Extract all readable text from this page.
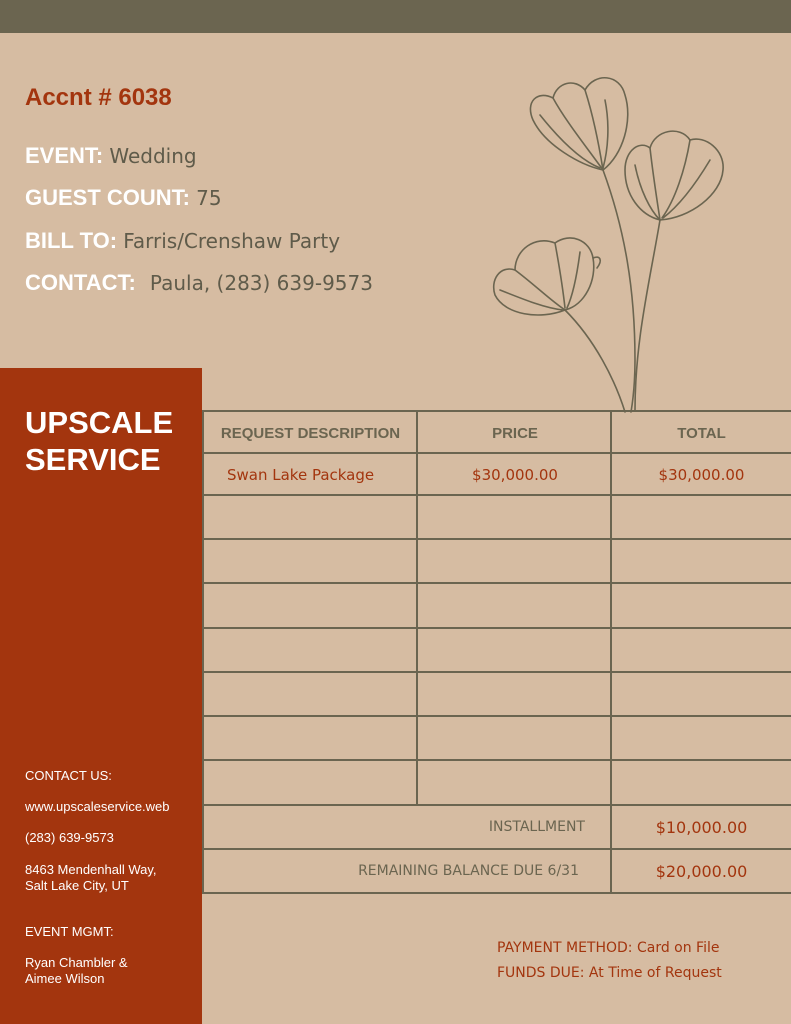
Accnt # 6038
EVENT: Wedding
GUEST COUNT: 75
BILL TO: Farris/Crenshaw Party
CONTACT: Paula, (283) 639-9573
UPSCALE
SERVICE
CONTACT US:
www.upscaleservice.web
(283) 639-9573
8463 Mendenhall Way,
Salt Lake City, UT
EVENT MGMT:
Ryan Chambler &
Aimee Wilson
REQUEST DESCRIPTION	PRICE	TOTAL
Swan Lake Package	$30,000.00	$30,000.00
INSTALLMENT	$10,000.00
REMAINING BALANCE DUE 6/31	$20,000.00
PAYMENT METHOD: Card on File
FUNDS DUE: At Time of Request
